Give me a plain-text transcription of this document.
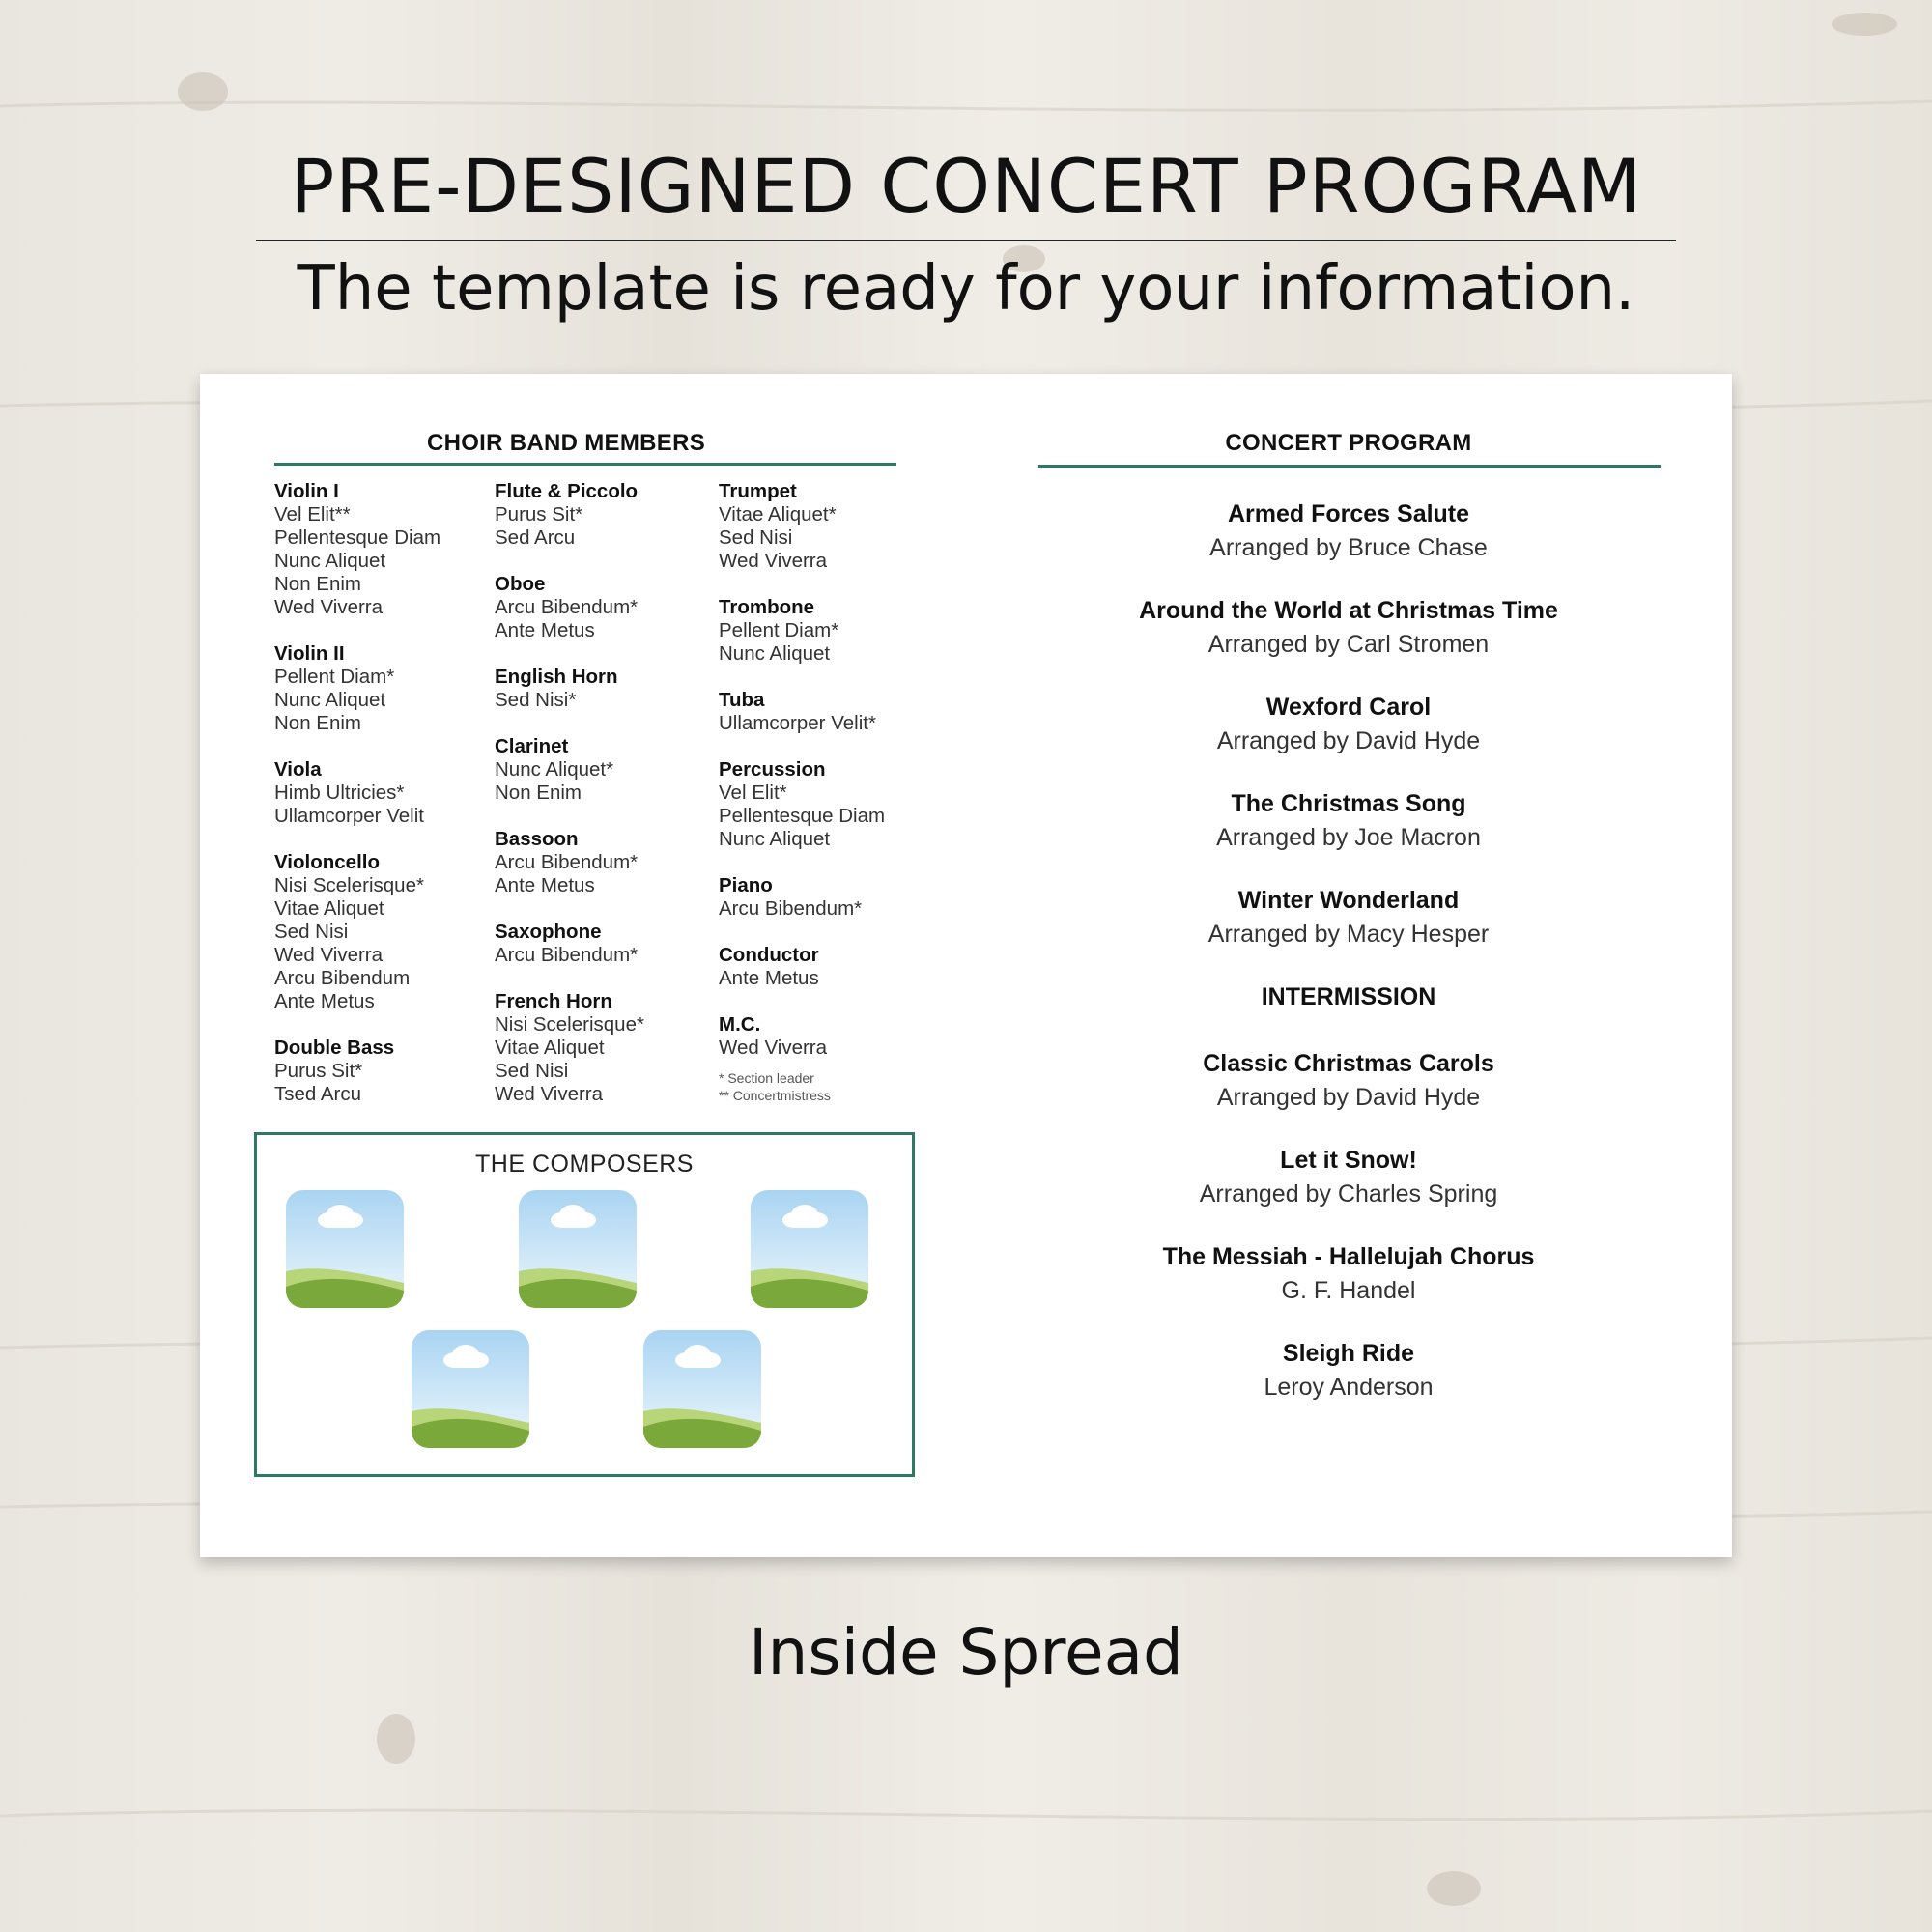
PRE-DESIGNED CONCERT PROGRAM
The template is ready for your information.
CHOIR BAND MEMBERS
Violin I
Vel Elit**
Pellentesque Diam
Nunc Aliquet
Non Enim
Wed Viverra
Violin II
Pellent Diam*
Nunc Aliquet
Non Enim
Viola
Himb Ultricies*
Ullamcorper Velit
Violoncello
Nisi Scelerisque*
Vitae Aliquet
Sed Nisi
Wed Viverra
Arcu Bibendum
Ante Metus
Double Bass
Purus Sit*
Tsed Arcu
Flute & Piccolo
Purus Sit*
Sed Arcu
Oboe
Arcu Bibendum*
Ante Metus
English Horn
Sed Nisi*
Clarinet
Nunc Aliquet*
Non Enim
Bassoon
Arcu Bibendum*
Ante Metus
Saxophone
Arcu Bibendum*
French Horn
Nisi Scelerisque*
Vitae Aliquet
Sed Nisi
Wed Viverra
Trumpet
Vitae Aliquet*
Sed Nisi
Wed Viverra
Trombone
Pellent Diam*
Nunc Aliquet
Tuba
Ullamcorper Velit*
Percussion
Vel Elit*
Pellentesque Diam
Nunc Aliquet
Piano
Arcu Bibendum*
Conductor
Ante Metus
M.C.
Wed Viverra
* Section leader
** Concertmistress
THE COMPOSERS
CONCERT PROGRAM
Armed Forces Salute
Arranged by Bruce Chase
Around the World at Christmas Time
Arranged by Carl Stromen
Wexford Carol
Arranged by David Hyde
The Christmas Song
Arranged by Joe Macron
Winter Wonderland
Arranged by Macy Hesper
INTERMISSION
Classic Christmas Carols
Arranged by David Hyde
Let it Snow!
Arranged by Charles Spring
The Messiah - Hallelujah Chorus
G. F. Handel
Sleigh Ride
Leroy Anderson
Inside Spread
